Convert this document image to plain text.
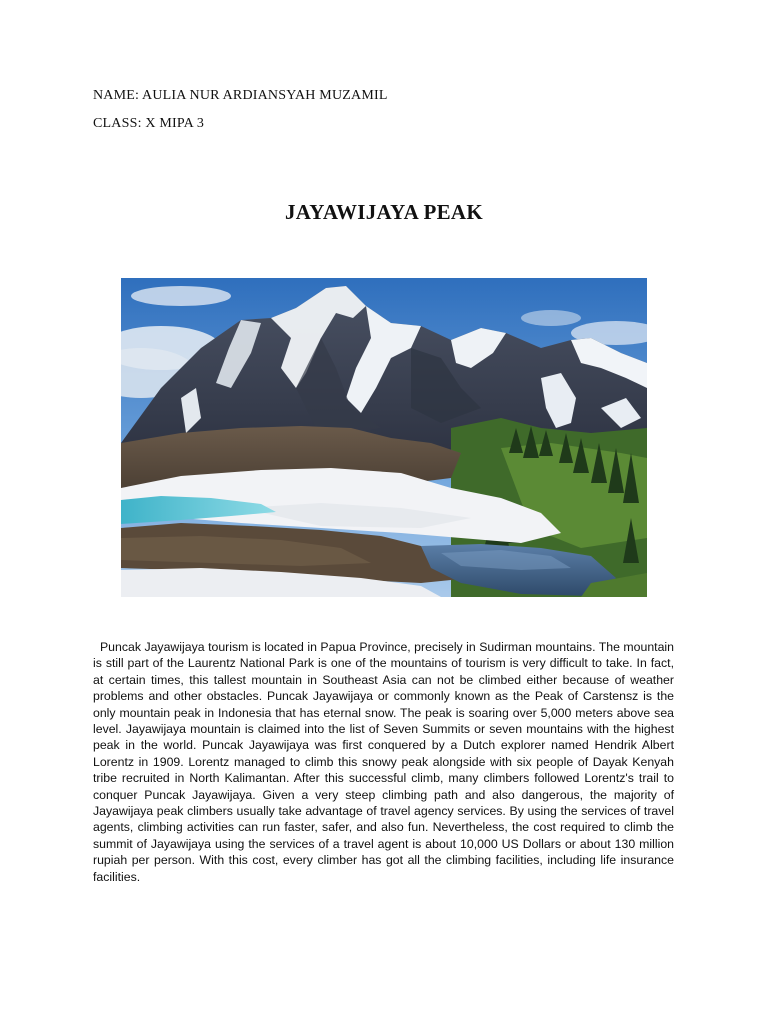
NAME: AULIA NUR ARDIANSYAH MUZAMIL
CLASS: X MIPA 3
JAYAWIJAYA PEAK
Puncak Jayawijaya tourism is located in Papua Province, precisely in Sudirman mountains. The mountain is still part of the Laurentz National Park is one of the mountains of tourism is very difficult to take. In fact, at certain times, this tallest mountain in Southeast Asia can not be climbed either because of weather problems and other obstacles. Puncak Jayawijaya or commonly known as the Peak of Carstensz is the only mountain peak in Indonesia that has eternal snow. The peak is soaring over 5,000 meters above sea level. Jayawijaya mountain is claimed into the list of Seven Summits or seven mountains with the highest peak in the world. Puncak Jayawijaya was first conquered by a Dutch explorer named Hendrik Albert Lorentz in 1909. Lorentz managed to climb this snowy peak alongside with six people of Dayak Kenyah tribe recruited in North Kalimantan. After this successful climb, many climbers followed Lorentz's trail to conquer Puncak Jayawijaya. Given a very steep climbing path and also dangerous, the majority of Jayawijaya peak climbers usually take advantage of travel agency services. By using the services of travel agents, climbing activities can run faster, safer, and also fun. Nevertheless, the cost required to climb the summit of Jayawijaya using the services of a travel agent is about 10,000 US Dollars or about 130 million rupiah per person. With this cost, every climber has got all the climbing facilities, including life insurance facilities.
